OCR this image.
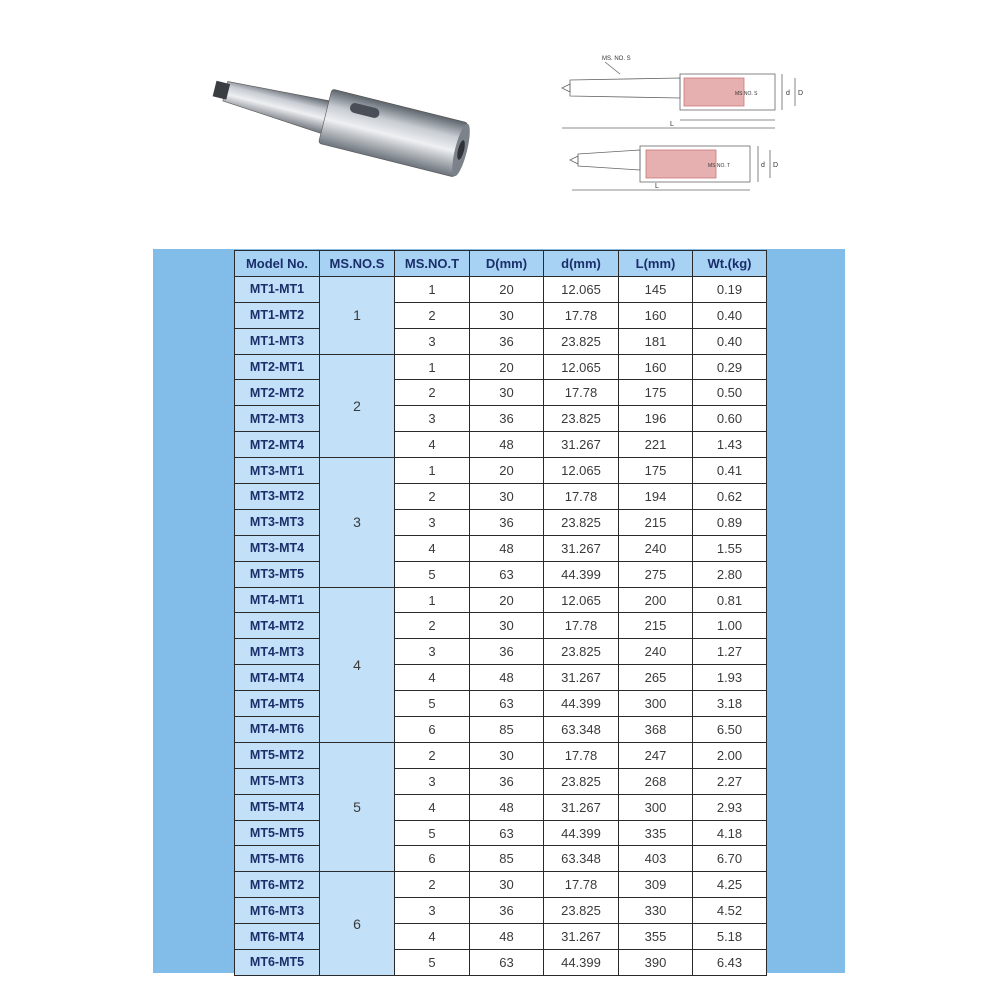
MS. NO. S
MS NO. S
MS NO. T
d D
L
d D
L
Model No.	MS.NO.S	MS.NO.T	D(mm)	d(mm)	L(mm)	Wt.(kg)
MT1-MT1	1	1	20	12.065	145	0.19
MT1-MT2		2	30	17.78	160	0.40
MT1-MT3		3	36	23.825	181	0.40
MT2-MT1	2	1	20	12.065	160	0.29
MT2-MT2		2	30	17.78	175	0.50
MT2-MT3		3	36	23.825	196	0.60
MT2-MT4		4	48	31.267	221	1.43
MT3-MT1	3	1	20	12.065	175	0.41
MT3-MT2		2	30	17.78	194	0.62
MT3-MT3		3	36	23.825	215	0.89
MT3-MT4		4	48	31.267	240	1.55
MT3-MT5		5	63	44.399	275	2.80
MT4-MT1	4	1	20	12.065	200	0.81
MT4-MT2		2	30	17.78	215	1.00
MT4-MT3		3	36	23.825	240	1.27
MT4-MT4		4	48	31.267	265	1.93
MT4-MT5		5	63	44.399	300	3.18
MT4-MT6		6	85	63.348	368	6.50
MT5-MT2	5	2	30	17.78	247	2.00
MT5-MT3		3	36	23.825	268	2.27
MT5-MT4		4	48	31.267	300	2.93
MT5-MT5		5	63	44.399	335	4.18
MT5-MT6		6	85	63.348	403	6.70
MT6-MT2	6	2	30	17.78	309	4.25
MT6-MT3		3	36	23.825	330	4.52
MT6-MT4		4	48	31.267	355	5.18
MT6-MT5		5	63	44.399	390	6.43
